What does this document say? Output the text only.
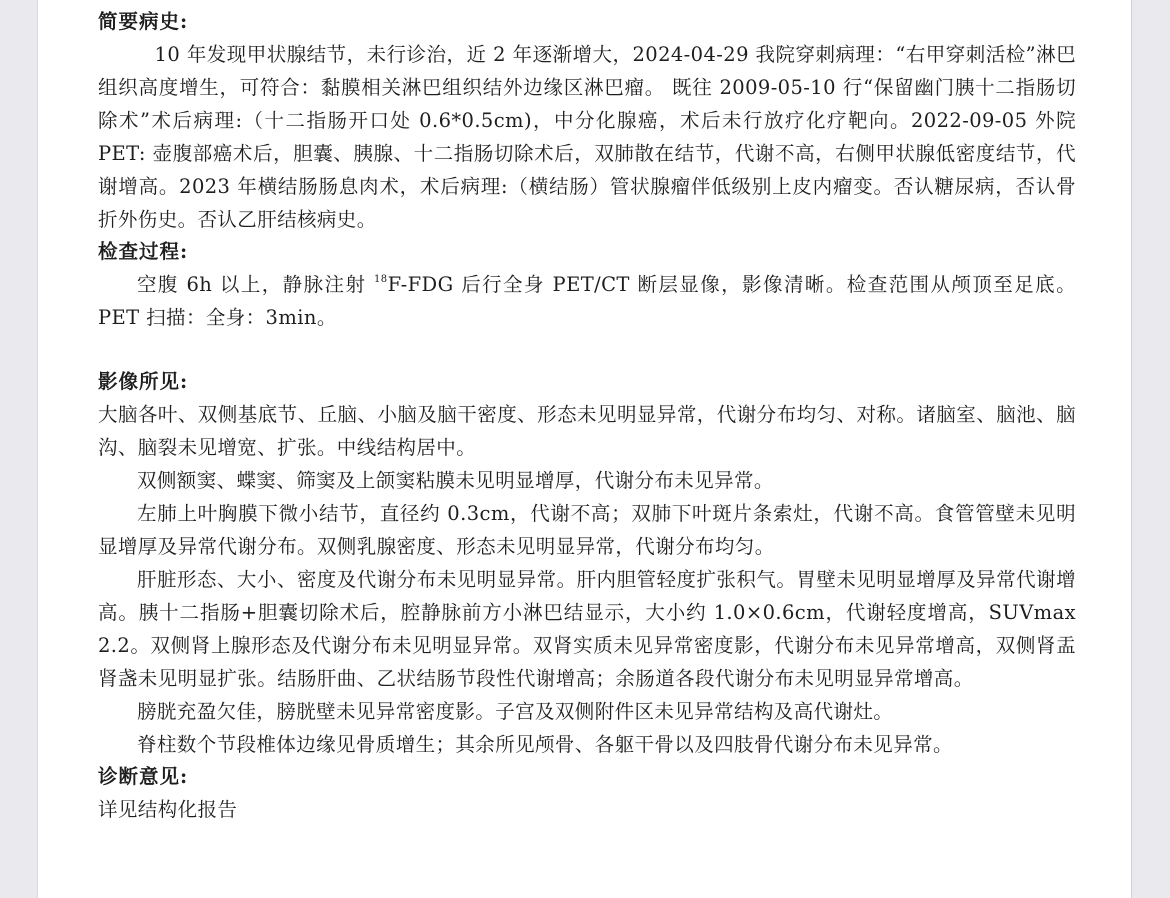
简要病史:

10 年发现甲状腺结节，未行诊治，近 2 年逐渐增大，2024-04-29 我院穿刺病理：“右甲穿刺活检”淋巴组织高度增生，可符合：黏膜相关淋巴组织结外边缘区淋巴瘤。 既往 2009-05-10 行“保留幽门胰十二指肠切除术”术后病理:（十二指肠开口处 0.6*0.5cm)，中分化腺癌，术后未行放疗化疗靶向。2022-09-05 外院 PET: 壶腹部癌术后，胆囊、胰腺、十二指肠切除术后，双肺散在结节，代谢不高，右侧甲状腺低密度结节，代谢增高。2023 年横结肠肠息肉术，术后病理:（横结肠）管状腺瘤伴低级别上皮内瘤变。否认糖尿病，否认骨折外伤史。否认乙肝结核病史。

检查过程:

空腹 6h 以上，静脉注射 $^{18}$F-FDG 后行全身 PET/CT 断层显像，影像清晰。检查范围从颅顶至足底。PET 扫描：全身：3min。

影像所见:

大脑各叶、双侧基底节、丘脑、小脑及脑干密度、形态未见明显异常，代谢分布均匀、对称。诸脑室、脑池、脑沟、脑裂未见增宽、扩张。中线结构居中。

双侧额窦、蝶窦、筛窦及上颌窦粘膜未见明显增厚，代谢分布未见异常。

左肺上叶胸膜下微小结节，直径约 0.3cm，代谢不高；双肺下叶斑片条索灶，代谢不高。食管管壁未见明显增厚及异常代谢分布。双侧乳腺密度、形态未见明显异常，代谢分布均匀。

肝脏形态、大小、密度及代谢分布未见明显异常。肝内胆管轻度扩张积气。胃壁未见明显增厚及异常代谢增高。胰十二指肠+胆囊切除术后，腔静脉前方小淋巴结显示，大小约 1.0×0.6cm，代谢轻度增高，SUVmax 2.2。双侧肾上腺形态及代谢分布未见明显异常。双肾实质未见异常密度影，代谢分布未见异常增高，双侧肾盂肾盏未见明显扩张。结肠肝曲、乙状结肠节段性代谢增高；余肠道各段代谢分布未见明显异常增高。

膀胱充盈欠佳，膀胱壁未见异常密度影。子宫及双侧附件区未见异常结构及高代谢灶。

脊柱数个节段椎体边缘见骨质增生；其余所见颅骨、各躯干骨以及四肢骨代谢分布未见异常。

诊断意见:

详见结构化报告
